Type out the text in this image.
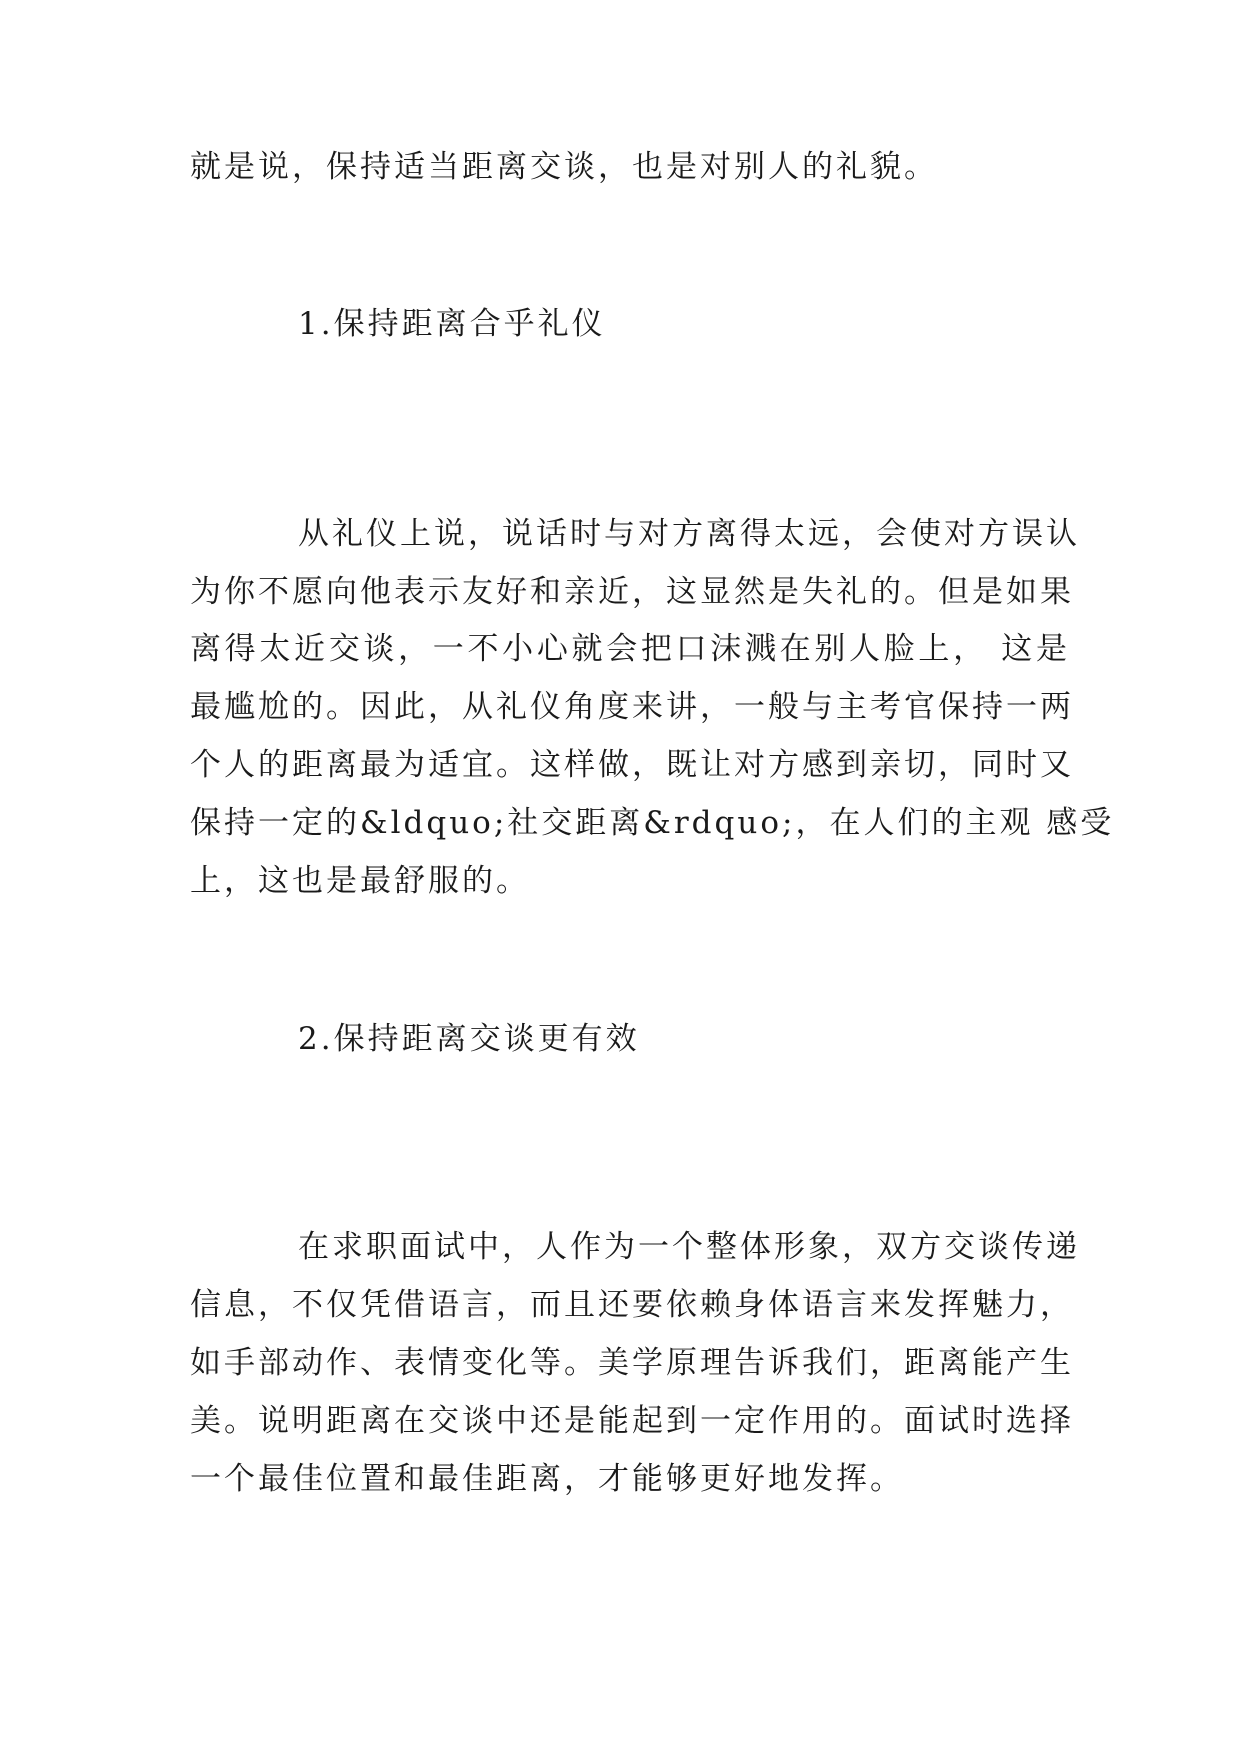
就是说，保持适当距离交谈，也是对别人的礼貌。
1.保持距离合乎礼仪
从礼仪上说，说话时与对方离得太远，会使对方误认
为你不愿向他表示友好和亲近，这显然是失礼的。但是如果
离得太近交谈，一不小心就会把口沫溅在别人脸上， 这是
最尴尬的。因此，从礼仪角度来讲，一般与主考官保持一两
个人的距离最为适宜。这样做，既让对方感到亲切，同时又
保持一定的&ldquo;社交距离&rdquo;，在人们的主观 感受
上，这也是最舒服的。
2.保持距离交谈更有效
在求职面试中，人作为一个整体形象，双方交谈传递
信息，不仅凭借语言，而且还要依赖身体语言来发挥魅力，
如手部动作、表情变化等。美学原理告诉我们，距离能产生
美。说明距离在交谈中还是能起到一定作用的。面试时选择
一个最佳位置和最佳距离，才能够更好地发挥。
